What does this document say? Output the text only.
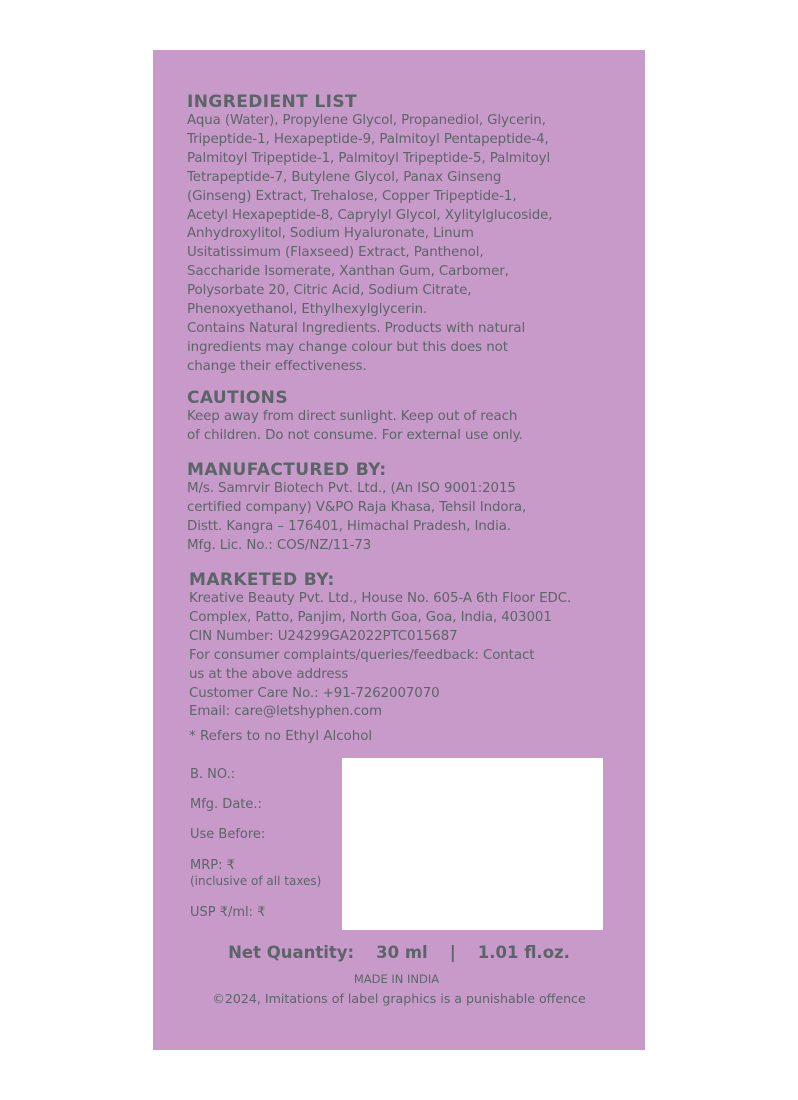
INGREDIENT LIST

Aqua (Water), Propylene Glycol, Propanediol, Glycerin,
Tripeptide-1, Hexapeptide-9, Palmitoyl Pentapeptide-4,
Palmitoyl Tripeptide-1, Palmitoyl Tripeptide-5, Palmitoyl
Tetrapeptide-7, Butylene Glycol, Panax Ginseng
(Ginseng) Extract, Trehalose, Copper Tripeptide-1,
Acetyl Hexapeptide-8, Caprylyl Glycol, Xylitylglucoside,
Anhydroxylitol, Sodium Hyaluronate, Linum
Usitatissimum (Flaxseed) Extract, Panthenol,
Saccharide Isomerate, Xanthan Gum, Carbomer,
Polysorbate 20, Citric Acid, Sodium Citrate,
Phenoxyethanol, Ethylhexylglycerin.
Contains Natural Ingredients. Products with natural
ingredients may change colour but this does not
change their effectiveness.

CAUTIONS

Keep away from direct sunlight. Keep out of reach
of children. Do not consume. For external use only.

MANUFACTURED BY:

M/s. Samrvir Biotech Pvt. Ltd., (An ISO 9001:2015
certified company) V&PO Raja Khasa, Tehsil Indora,
Distt. Kangra – 176401, Himachal Pradesh, India.
Mfg. Lic. No.: COS/NZ/11-73

MARKETED BY:

Kreative Beauty Pvt. Ltd., House No. 605-A 6th Floor EDC.
Complex, Patto, Panjim, North Goa, Goa, India, 403001
CIN Number: U24299GA2022PTC015687
For consumer complaints/queries/feedback: Contact
us at the above address
Customer Care No.: +91-7262007070
Email: care@letshyphen.com

* Refers to no Ethyl Alcohol
B. NO.:
Mfg. Date.:
Use Before:
MRP: ₹
(inclusive of all taxes)
USP ₹/ml: ₹
Net Quantity: 30 ml | 1.01 fl.oz.
MADE IN INDIA
©2024, Imitations of label graphics is a punishable offence
